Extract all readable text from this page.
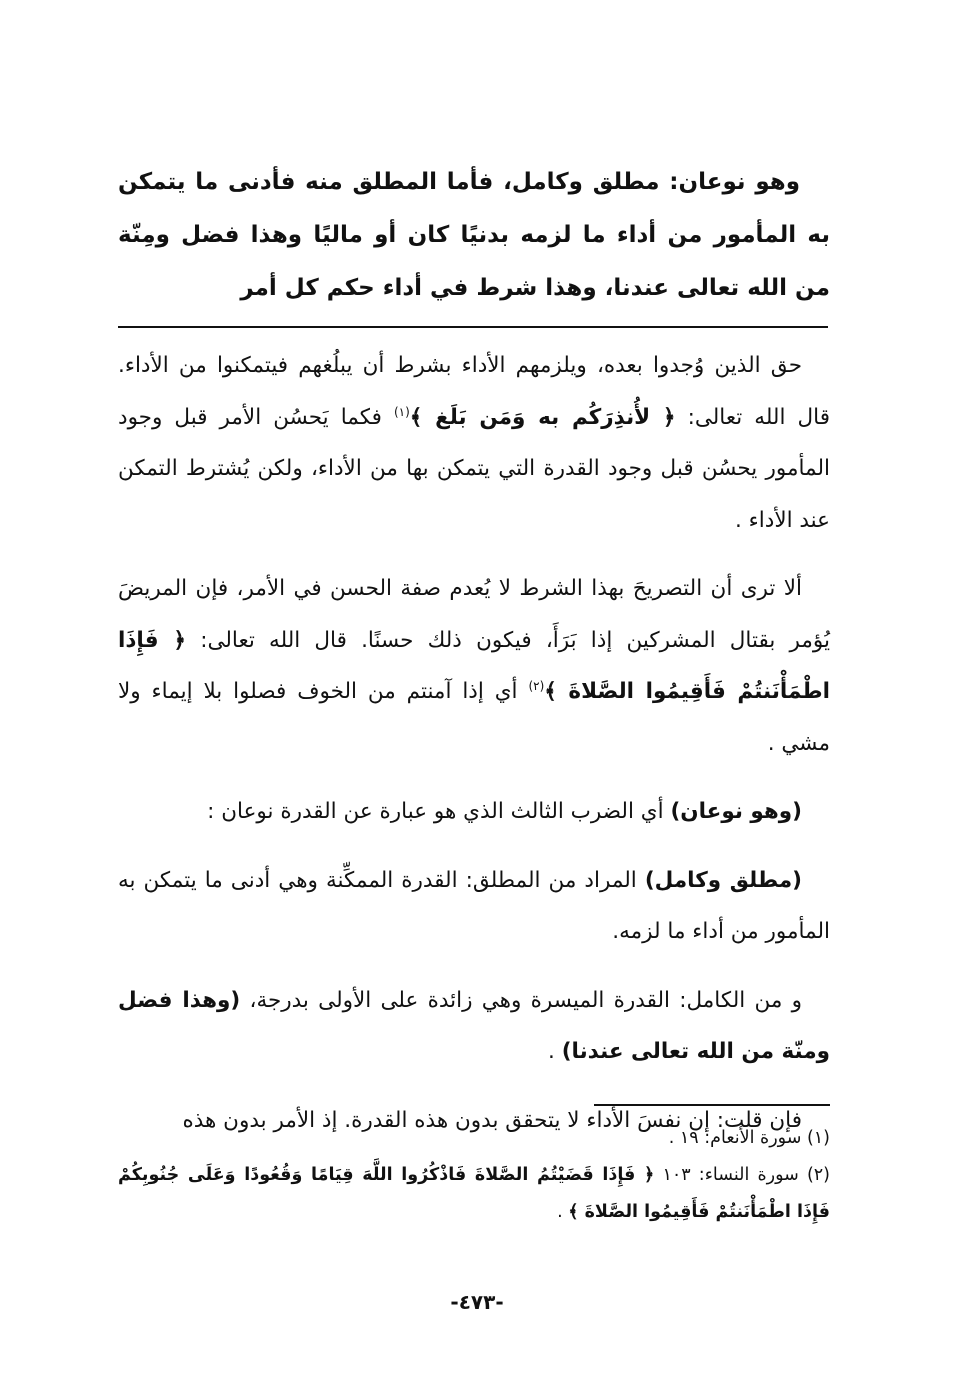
وهو نوعان: مطلق وكامل، فأما المطلق منه فأدنى ما يتمكن به المأمور من أداء ما لزمه بدنيًا كان أو ماليًا وهذا فضل ومِنّة من الله تعالى عندنا، وهذا شرط في أداء حكم كل أمر

حق الذين وُجدوا بعده، ويلزمهم الأداء بشرط أن يبلُغهم فيتمكنوا من الأداء. قال الله تعالى: ﴿ لأُنذِرَكُم به وَمَن بَلَغ ﴾$^{(١)}$ فكما يَحسُن الأمر قبل وجود المأمور يحسُن قبل وجود القدرة التي يتمكن بها من الأداء، ولكن يُشترط التمكن عند الأداء .

ألا ترى أن التصريحَ بهذا الشرط لا يُعدم صفة الحسن في الأمر، فإن المريضَ يُؤمر بقتال المشركين إذا بَرَأَ، فيكون ذلك حسنًا. قال الله تعالى: ﴿ فَإِذَا اطْمَأْنَنتُمْ فَأَقِيمُوا الصَّلاةَ ﴾$^{(٢)}$ أي إذا آمنتم من الخوف فصلوا بلا إيماء ولا مشي .

(وهو نوعان) أي الضرب الثالث الذي هو عبارة عن القدرة نوعان :

(مطلق وكامل) المراد من المطلق: القدرة الممكِّنة وهي أدنى ما يتمكن به المأمور من أداء ما لزمه.

و من الكامل: القدرة الميسرة وهي زائدة على الأولى بدرجة، (وهذا فضل ومنّة من الله تعالى عندنا) .

فإن قلت: إن نفسَ الأداء لا يتحقق بدون هذه القدرة. إذ الأمر بدون هذه

(١) سورة الأنعام: ١٩ .

(٢) سورة النساء: ١٠٣ ﴿ فَإِذَا قَضَيْتُمُ الصَّلاةَ فَاذْكُرُوا اللَّهَ قِيَامًا وَقُعُودًا وَعَلَى جُنُوبِكُمْ فَإِذَا اطْمَأْنَنتُمْ فَأَقِيمُوا الصَّلاةَ ﴾ .

-٤٧٣-
